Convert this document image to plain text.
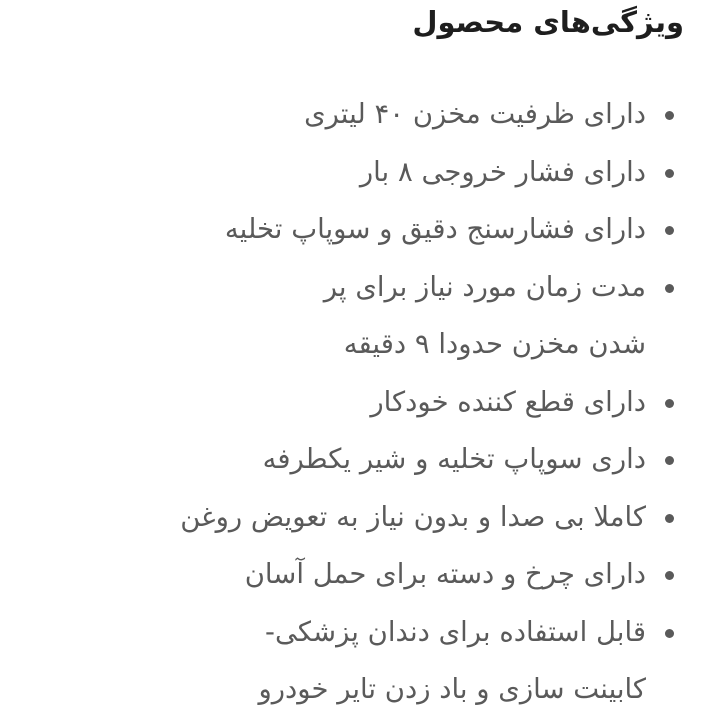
ویژگی‌های محصول
دارای ظرفیت مخزن ۴۰ لیتری
دارای فشار خروجی ۸ بار
دارای فشارسنج دقیق و سوپاپ تخلیه
مدت زمان مورد نیاز برای پر
شدن مخزن حدودا ۹ دقیقه
دارای قطع کننده خودکار
داری سوپاپ تخلیه و شیر یکطرفه
کاملا بی صدا و بدون نیاز به تعویض روغن
دارای چرخ و دسته برای حمل آسان
قابل استفاده برای دندان پزشکی-
کابینت سازی و باد زدن تایر خودرو
